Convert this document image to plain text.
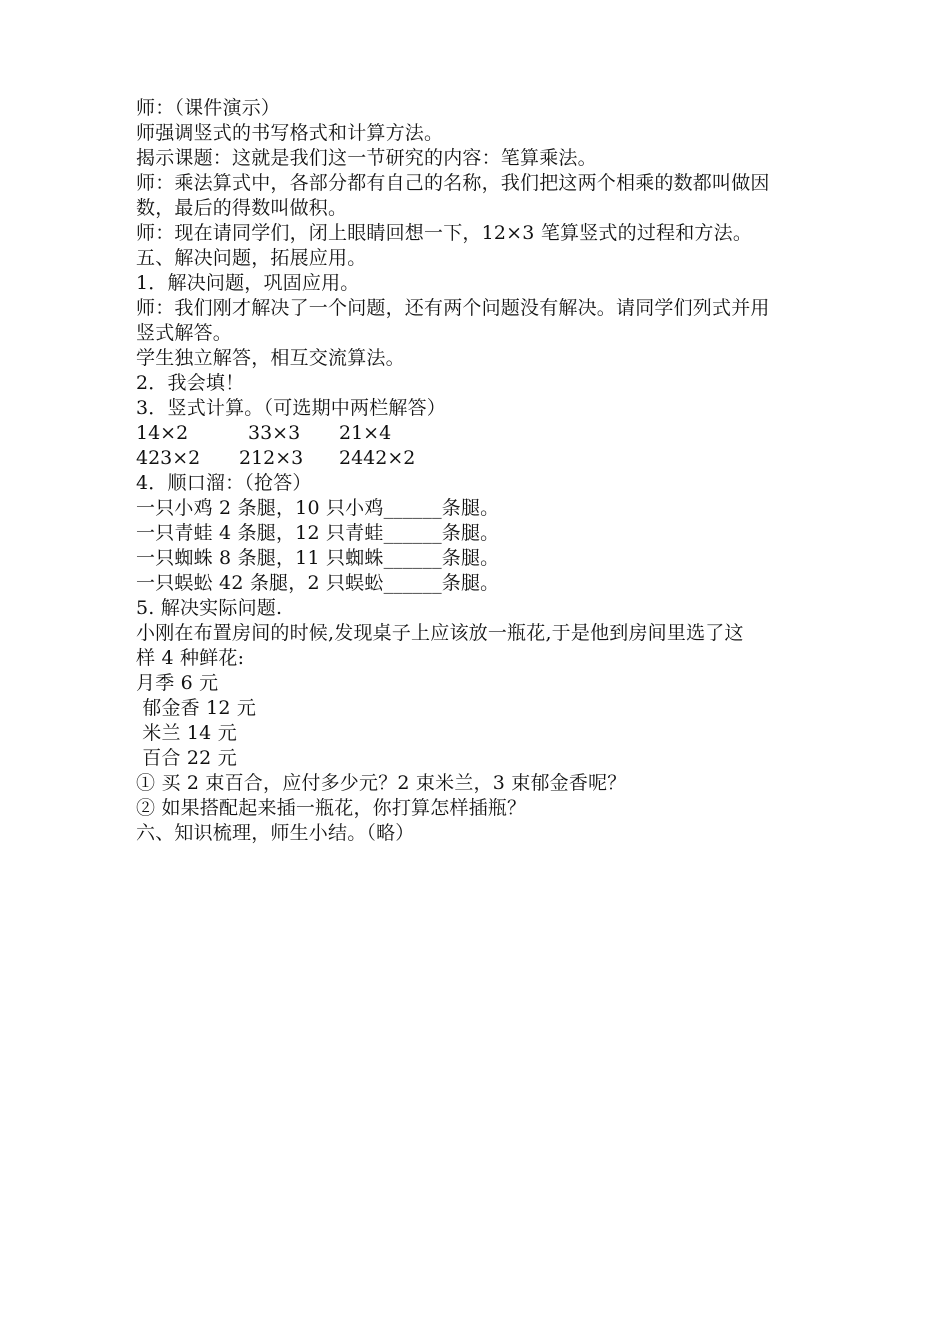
师：（课件演示）
师强调竖式的书写格式和计算方法。
揭示课题：这就是我们这一节研究的内容：笔算乘法。
师：乘法算式中，各部分都有自己的名称，我们把这两个相乘的数都叫做因
数，最后的得数叫做积。
师：现在请同学们，闭上眼睛回想一下，12×3 笔算竖式的过程和方法。
五、解决问题，拓展应用。
1．解决问题，巩固应用。
师：我们刚才解决了一个问题，还有两个问题没有解决。请同学们列式并用
竖式解答。
学生独立解答，相互交流算法。
2．我会填！
3．竖式计算。（可选期中两栏解答）
14×2	33×3 21×4
423×2 212×3 2442×2
4．顺口溜：（抢答）
一只小鸡 2 条腿，10 只小鸡______条腿。
一只青蛙 4 条腿，12 只青蛙______条腿。
一只蜘蛛 8 条腿，11 只蜘蛛______条腿。
一只蜈蚣 42 条腿，2 只蜈蚣______条腿。
5. 解决实际问题.
小刚在布置房间的时候,发现桌子上应该放一瓶花,于是他到房间里选了这
样 4 种鲜花:
月季 6 元
郁金香 12 元
米兰 14 元
百合 22 元
① 买 2 束百合，应付多少元？2 束米兰，3 束郁金香呢？
② 如果搭配起来插一瓶花，你打算怎样插瓶？
六、知识梳理，师生小结。（略）
